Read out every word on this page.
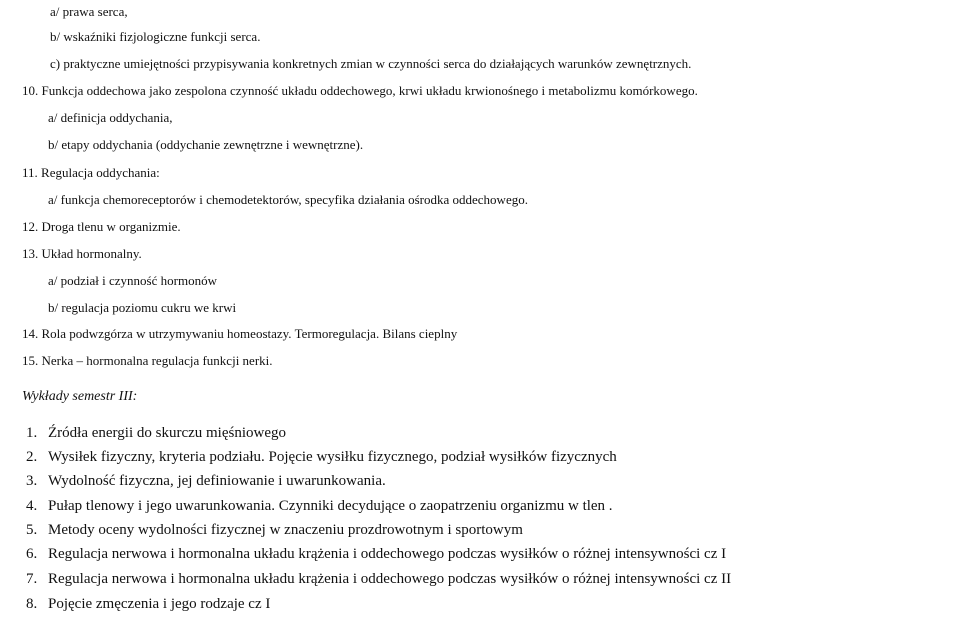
a/ prawa serca,

b/ wskaźniki fizjologiczne funkcji serca.

c) praktyczne umiejętności przypisywania konkretnych zmian w czynności serca do działających warunków zewnętrznych.

10. Funkcja oddechowa jako zespolona czynność układu oddechowego, krwi układu krwionośnego i metabolizmu komórkowego.

a/ definicja oddychania,

b/ etapy oddychania (oddychanie zewnętrzne i wewnętrzne).

11. Regulacja oddychania:

a/ funkcja chemoreceptorów i chemodetektorów, specyfika działania ośrodka oddechowego.

12. Droga tlenu w organizmie.

13. Układ hormonalny.

a/ podział i czynność hormonów

b/ regulacja poziomu cukru we krwi

14. Rola podwzgórza w utrzymywaniu homeostazy. Termoregulacja. Bilans cieplny

15. Nerka – hormonalna regulacja funkcji nerki.

Wykłady semestr III:

1. Źródła energii do skurczu mięśniowego
2. Wysiłek fizyczny, kryteria podziału. Pojęcie wysiłku fizycznego, podział wysiłków fizycznych
3. Wydolność fizyczna, jej definiowanie i uwarunkowania.
4. Pułap tlenowy i jego uwarunkowania. Czynniki decydujące o zaopatrzeniu organizmu w tlen .
5. Metody oceny wydolności fizycznej w znaczeniu prozdrowotnym i sportowym
6. Regulacja nerwowa i hormonalna układu krążenia i oddechowego podczas wysiłków o różnej intensywności cz I
7. Regulacja nerwowa i hormonalna układu krążenia i oddechowego podczas wysiłków o różnej intensywności cz II
8. Pojęcie zmęczenia i jego rodzaje cz I
